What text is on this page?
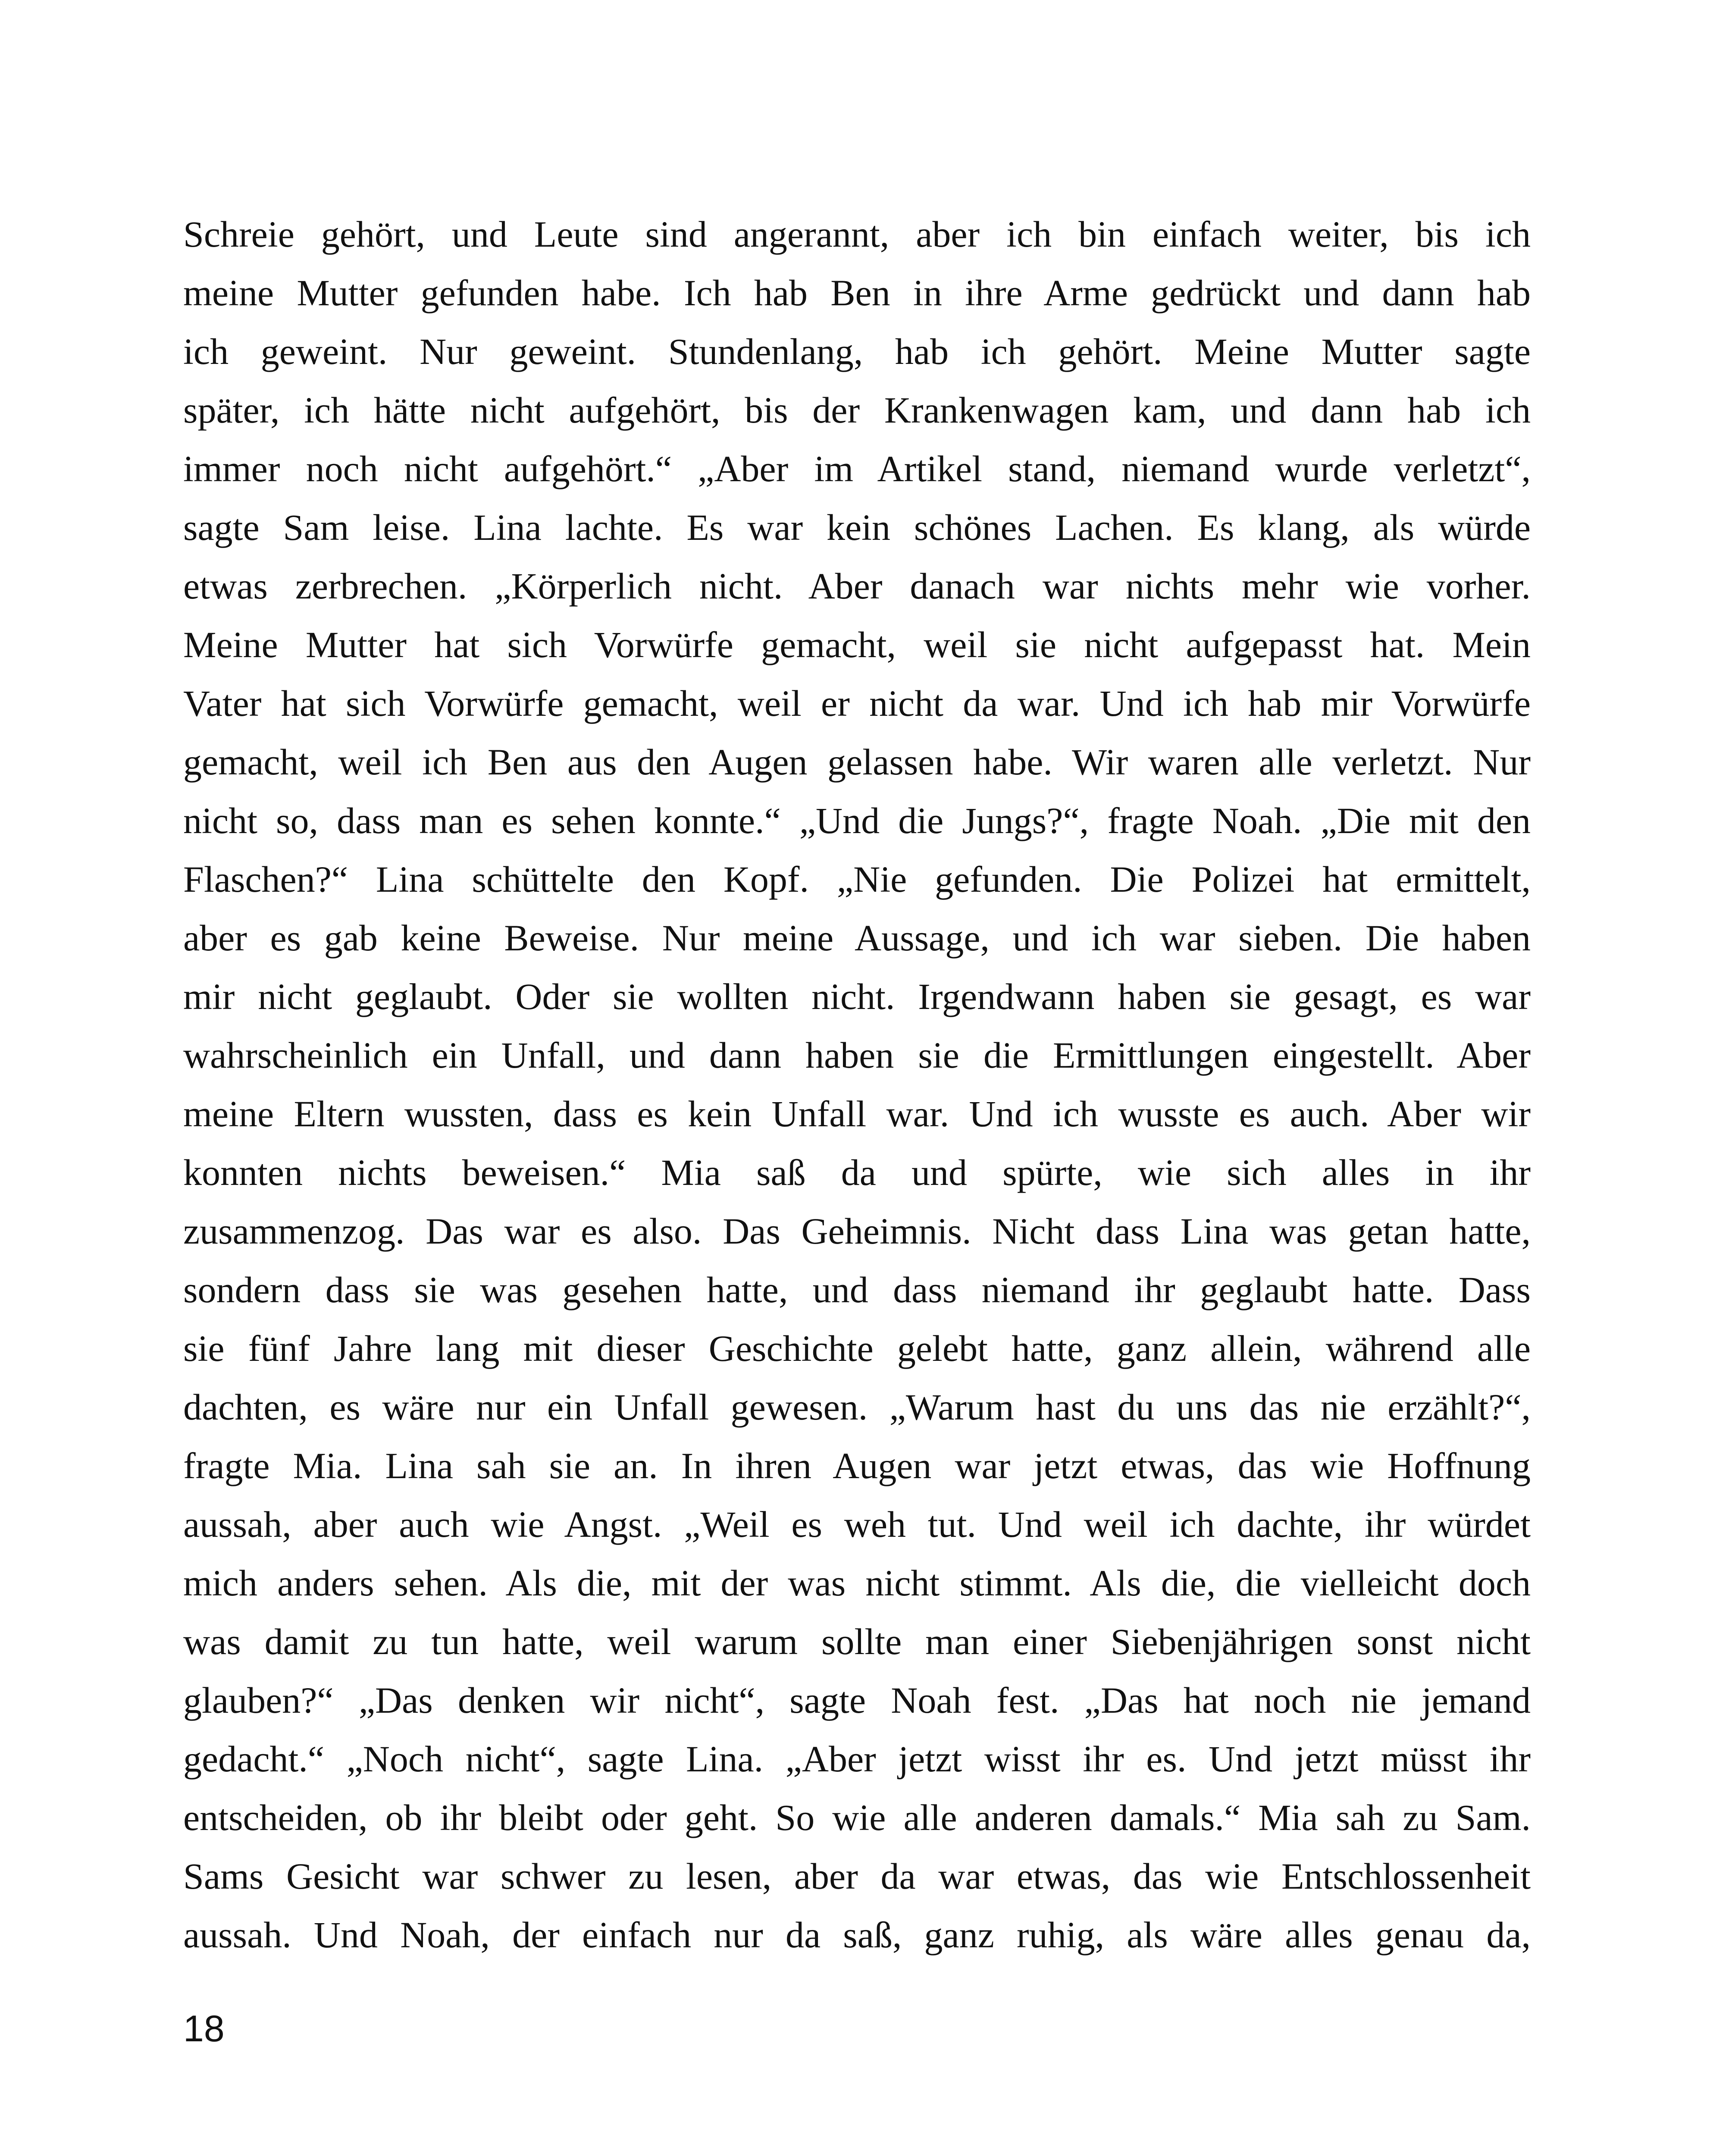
Schreie gehört, und Leute sind angerannt, aber ich bin einfach weiter, bis ich
meine Mutter gefunden habe. Ich hab Ben in ihre Arme gedrückt und dann hab
ich geweint. Nur geweint. Stundenlang, hab ich gehört. Meine Mutter sagte
später, ich hätte nicht aufgehört, bis der Krankenwagen kam, und dann hab ich
immer noch nicht aufgehört.“ „Aber im Artikel stand, niemand wurde verletzt“,
sagte Sam leise. Lina lachte. Es war kein schönes Lachen. Es klang, als würde
etwas zerbrechen. „Körperlich nicht. Aber danach war nichts mehr wie vorher.
Meine Mutter hat sich Vorwürfe gemacht, weil sie nicht aufgepasst hat. Mein
Vater hat sich Vorwürfe gemacht, weil er nicht da war. Und ich hab mir Vorwürfe
gemacht, weil ich Ben aus den Augen gelassen habe. Wir waren alle verletzt. Nur
nicht so, dass man es sehen konnte.“ „Und die Jungs?“, fragte Noah. „Die mit den
Flaschen?“ Lina schüttelte den Kopf. „Nie gefunden. Die Polizei hat ermittelt,
aber es gab keine Beweise. Nur meine Aussage, und ich war sieben. Die haben
mir nicht geglaubt. Oder sie wollten nicht. Irgendwann haben sie gesagt, es war
wahrscheinlich ein Unfall, und dann haben sie die Ermittlungen eingestellt. Aber
meine Eltern wussten, dass es kein Unfall war. Und ich wusste es auch. Aber wir
konnten nichts beweisen.“ Mia saß da und spürte, wie sich alles in ihr
zusammenzog. Das war es also. Das Geheimnis. Nicht dass Lina was getan hatte,
sondern dass sie was gesehen hatte, und dass niemand ihr geglaubt hatte. Dass
sie fünf Jahre lang mit dieser Geschichte gelebt hatte, ganz allein, während alle
dachten, es wäre nur ein Unfall gewesen. „Warum hast du uns das nie erzählt?“,
fragte Mia. Lina sah sie an. In ihren Augen war jetzt etwas, das wie Hoffnung
aussah, aber auch wie Angst. „Weil es weh tut. Und weil ich dachte, ihr würdet
mich anders sehen. Als die, mit der was nicht stimmt. Als die, die vielleicht doch
was damit zu tun hatte, weil warum sollte man einer Siebenjährigen sonst nicht
glauben?“ „Das denken wir nicht“, sagte Noah fest. „Das hat noch nie jemand
gedacht.“ „Noch nicht“, sagte Lina. „Aber jetzt wisst ihr es. Und jetzt müsst ihr
entscheiden, ob ihr bleibt oder geht. So wie alle anderen damals.“ Mia sah zu Sam.
Sams Gesicht war schwer zu lesen, aber da war etwas, das wie Entschlossenheit
aussah. Und Noah, der einfach nur da saß, ganz ruhig, als wäre alles genau da,
18
